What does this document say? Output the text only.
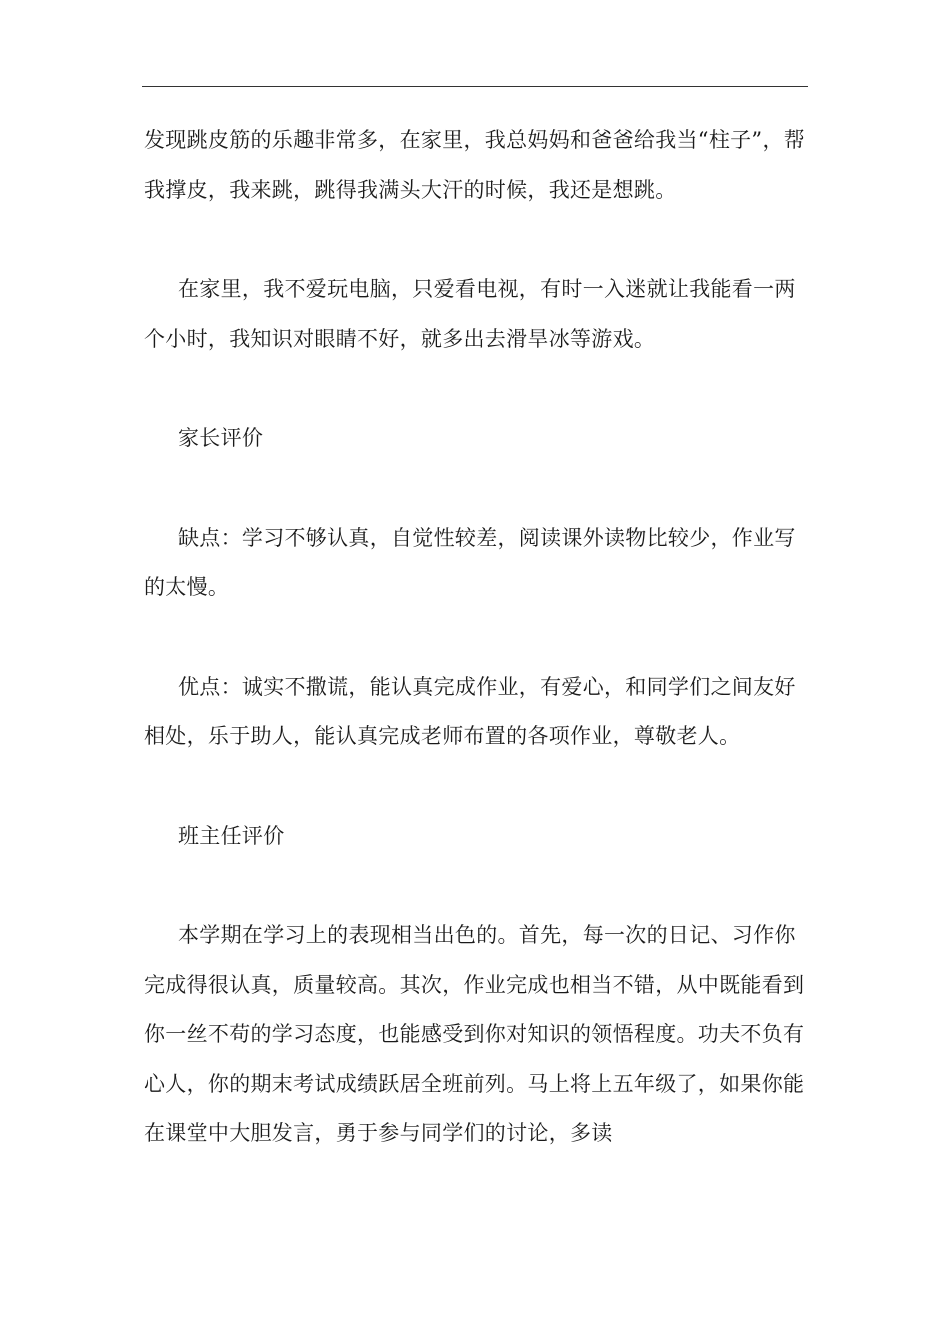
发现跳皮筋的乐趣非常多，在家里，我总妈妈和爸爸给我当“柱子”，帮我撑皮，我来跳，跳得我满头大汗的时候，我还是想跳。

在家里，我不爱玩电脑，只爱看电视，有时一入迷就让我能看一两个小时，我知识对眼睛不好，就多出去滑旱冰等游戏。

家长评价

缺点：学习不够认真，自觉性较差，阅读课外读物比较少，作业写的太慢。

优点：诚实不撒谎，能认真完成作业，有爱心，和同学们之间友好相处，乐于助人，能认真完成老师布置的各项作业，尊敬老人。

班主任评价

本学期在学习上的表现相当出色的。首先，每一次的日记、习作你完成得很认真，质量较高。其次，作业完成也相当不错，从中既能看到你一丝不苟的学习态度，也能感受到你对知识的领悟程度。功夫不负有心人，你的期末考试成绩跃居全班前列。马上将上五年级了，如果你能在课堂中大胆发言，勇于参与同学们的讨论，多读
